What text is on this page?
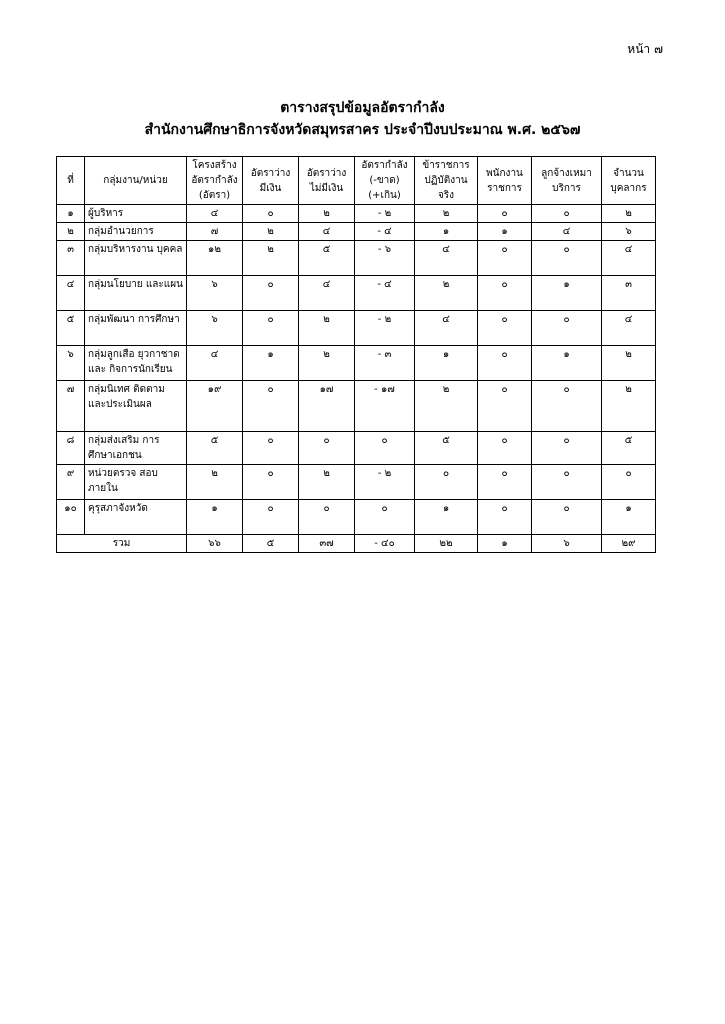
หน้า ๗
ตารางสรุปข้อมูลอัตรากำลัง
สำนักงานศึกษาธิการจังหวัดสมุทรสาคร ประจำปีงบประมาณ พ.ศ. ๒๕๖๗
ที่	กลุ่มงาน/หน่วย	โครงสร้าง อัตรากำลัง (อัตรา)	อัตราว่าง มีเงิน	อัตราว่าง ไม่มีเงิน	อัตรากำลัง (-ขาด) (+เกิน)	ข้าราชการ ปฏิบัติงาน จริง	พนักงาน ราชการ	ลูกจ้างเหมา บริการ	จำนวน บุคลากร
๑	ผู้บริหาร	๔	๐	๒	- ๒	๒	๐	๐	๒
๒	กลุ่มอำนวยการ	๗	๒	๔	- ๔	๑	๑	๔	๖
๓	กลุ่มบริหารงาน บุคคล	๑๒	๒	๕	- ๖	๔	๐	๐	๔
๔	กลุ่มนโยบาย และแผน	๖	๐	๔	- ๔	๒	๐	๑	๓
๕	กลุ่มพัฒนา การศึกษา	๖	๐	๒	- ๒	๔	๐	๐	๔
๖	กลุ่มลูกเสือ ยุวกาชาด และ กิจการนักเรียน	๔	๑	๒	- ๓	๑	๐	๑	๒
๗	กลุ่มนิเทศ ติดตาม และประเมินผล	๑๙	๐	๑๗	- ๑๗	๒	๐	๐	๒
๘	กลุ่มส่งเสริม การศึกษาเอกชน	๕	๐	๐	๐	๕	๐	๐	๕
๙	หน่วยตรวจ สอบภายใน	๒	๐	๒	- ๒	๐	๐	๐	๐
๑๐	คุรุสภาจังหวัด	๑	๐	๐	๐	๑	๐	๐	๑
รวม		๖๖	๕	๓๗	- ๔๐	๒๒	๑	๖	๒๙
